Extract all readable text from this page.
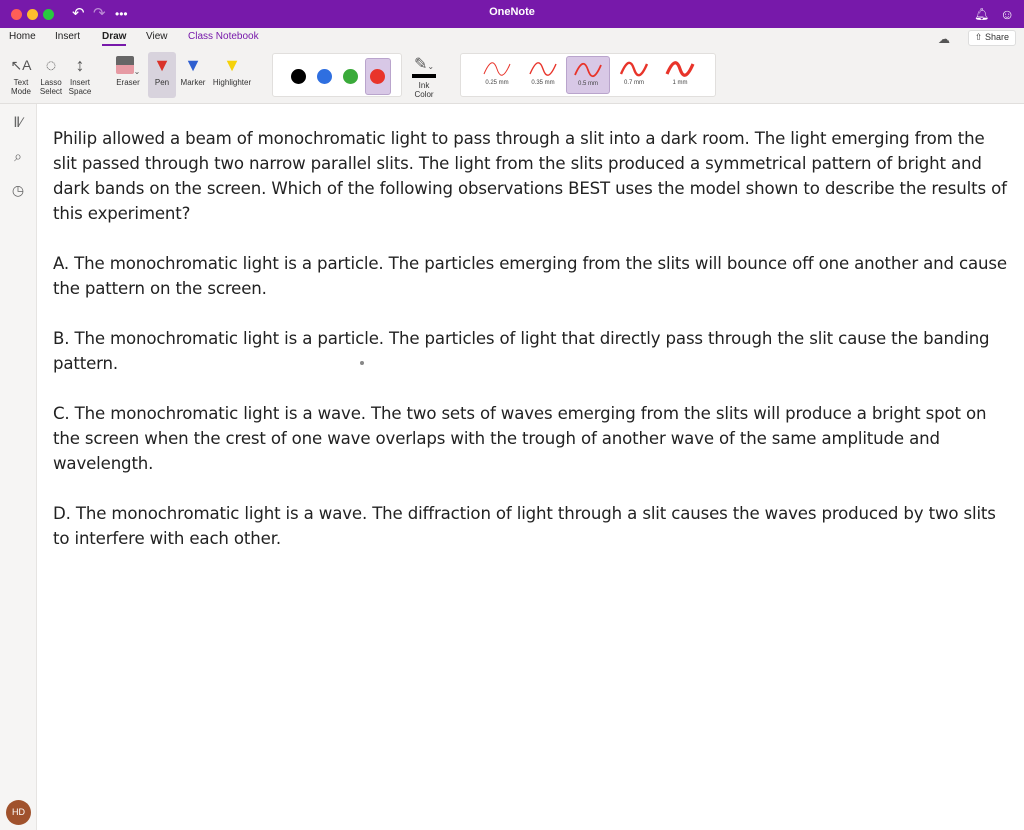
↶ ↷ •••	OneNote	🔔︎ ☺
Home Insert Draw View Class Notebook	☁︎	⇧ Share
↖A
Text
Mode
◌
Lasso
Select
↕
Insert
Space
⌄
Eraser
▼
Pen
▼
Marker
▼
Highlighter
✎⌄
Ink
Color
0.25 mm	0.35 mm	0.5 mm	0.7 mm	1 mm
Ⅱ∕
⌕
◷
HD

Philip allowed a beam of monochromatic light to pass through a slit into a dark room. The light emerging from the slit passed through two narrow parallel slits. The light from the slits produced a symmetrical pattern of bright and dark bands on the screen. Which of the following observations BEST uses the model shown to describe the results of this experiment?

A. The monochromatic light is a particle. The particles emerging from the slits will bounce off one another and cause the pattern on the screen.

B. The monochromatic light is a particle. The particles of light that directly pass through the slit cause the banding pattern.

C. The monochromatic light is a wave. The two sets of waves emerging from the slits will produce a bright spot on the screen when the crest of one wave overlaps with the trough of another wave of the same amplitude and wavelength.

D. The monochromatic light is a wave. The diffraction of light through a slit causes the waves produced by two slits to interfere with each other.
